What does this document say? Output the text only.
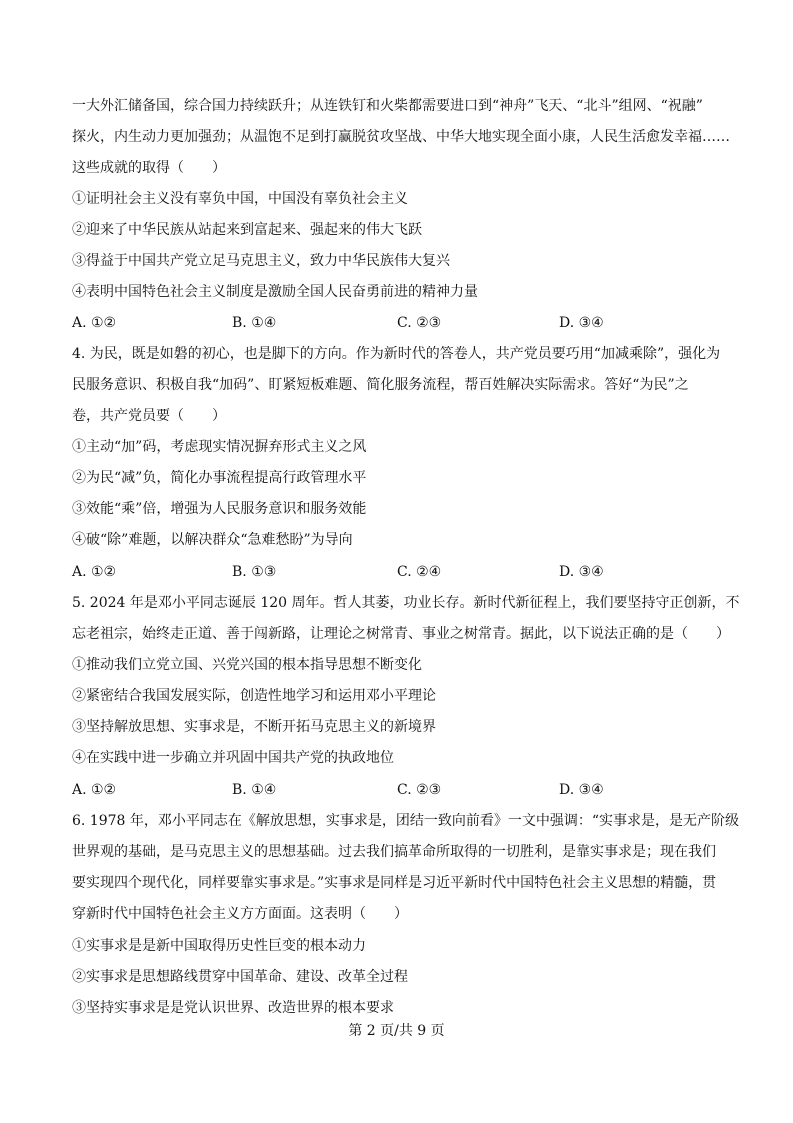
一大外汇储备国，综合国力持续跃升；从连铁钉和火柴都需要进口到“神舟”飞天、“北斗”组网、“祝融”
探火，内生动力更加强劲；从温饱不足到打赢脱贫攻坚战、中华大地实现全面小康，人民生活愈发幸福……
这些成就的取得（　　）
①证明社会主义没有辜负中国，中国没有辜负社会主义
②迎来了中华民族从站起来到富起来、强起来的伟大飞跃
③得益于中国共产党立足马克思主义，致力中华民族伟大复兴
④表明中国特色社会主义制度是激励全国人民奋勇前进的精神力量
A. ①②	B. ①④	C. ②③	D. ③④
4. 为民，既是如磐的初心，也是脚下的方向。作为新时代的答卷人，共产党员要巧用“加减乘除”，强化为
民服务意识、积极自我“加码”、盯紧短板难题、简化服务流程，帮百姓解决实际需求。答好“为民”之
卷，共产党员要（　　）
①主动“加”码，考虑现实情况摒弃形式主义之风
②为民“减”负，简化办事流程提高行政管理水平
③效能“乘”倍，增强为人民服务意识和服务效能
④破“除”难题，以解决群众“急难愁盼”为导向
A. ①②	B. ①③	C. ②④	D. ③④
5. 2024 年是邓小平同志诞辰 120 周年。哲人其萎，功业长存。新时代新征程上，我们要坚持守正创新，不
忘老祖宗，始终走正道、善于闯新路，让理论之树常青、事业之树常青。据此，以下说法正确的是（　　）
①推动我们立党立国、兴党兴国的根本指导思想不断变化
②紧密结合我国发展实际，创造性地学习和运用邓小平理论
③坚持解放思想、实事求是，不断开拓马克思主义的新境界
④在实践中进一步确立并巩固中国共产党的执政地位
A. ①②	B. ①④	C. ②③	D. ③④
6. 1978 年，邓小平同志在《解放思想，实事求是，团结一致向前看》一文中强调：“实事求是，是无产阶级
世界观的基础，是马克思主义的思想基础。过去我们搞革命所取得的一切胜利，是靠实事求是；现在我们
要实现四个现代化，同样要靠实事求是。”实事求是同样是习近平新时代中国特色社会主义思想的精髓，贯
穿新时代中国特色社会主义方方面面。这表明（　　）
①实事求是是新中国取得历史性巨变的根本动力
②实事求是思想路线贯穿中国革命、建设、改革全过程
③坚持实事求是是党认识世界、改造世界的根本要求
第 2 页/共 9 页
